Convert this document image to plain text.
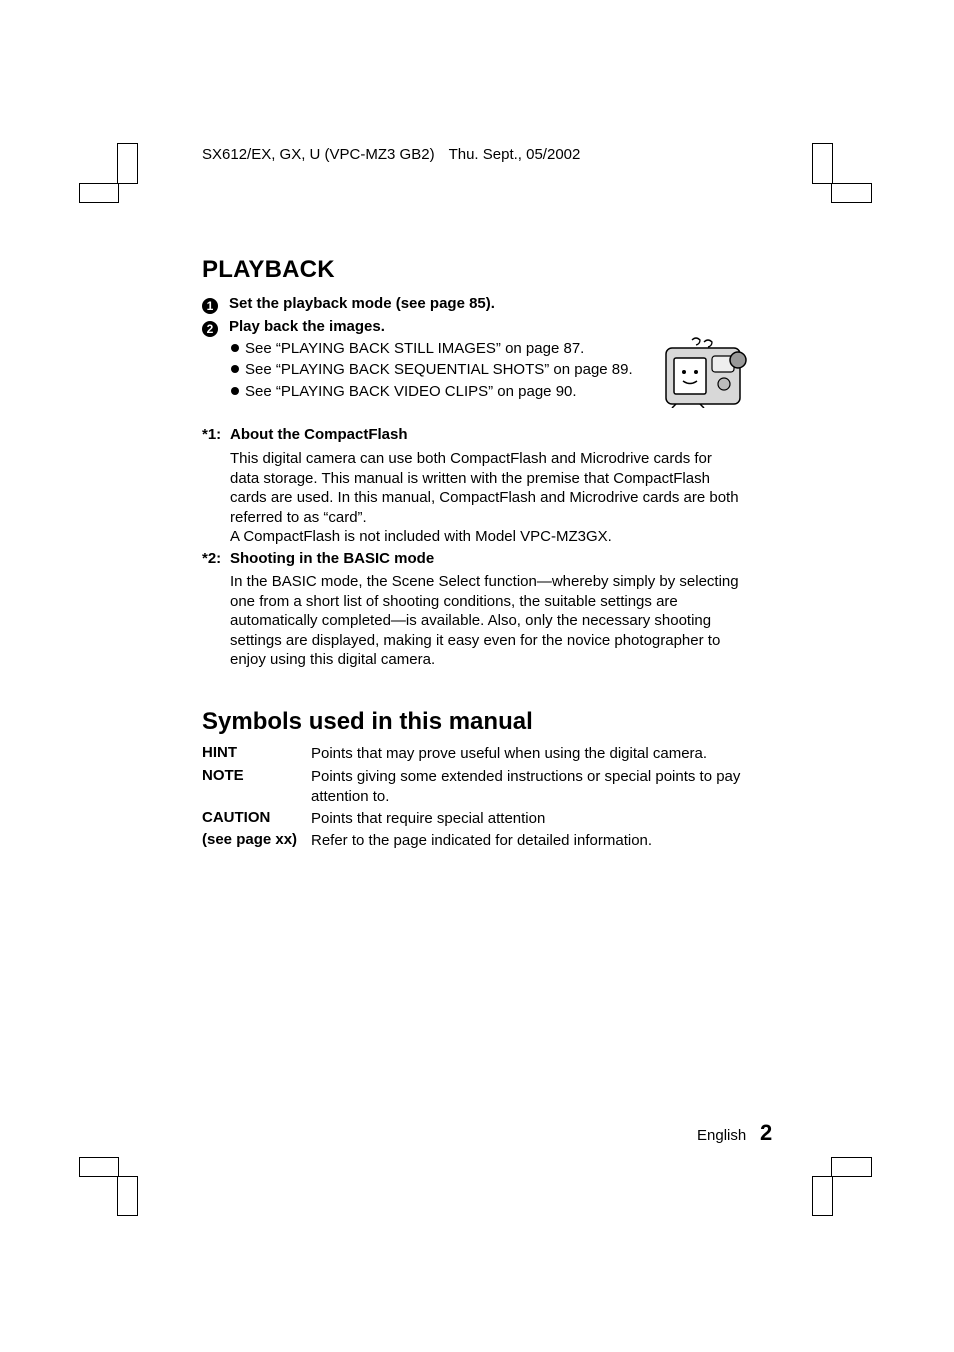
SX612/EX, GX, U (VPC-MZ3 GB2) Thu. Sept., 05/2002
PLAYBACK
1 Set the playback mode (see page 85).
2 Play back the images.
See “PLAYING BACK STILL IMAGES” on page 87.
See “PLAYING BACK SEQUENTIAL SHOTS” on page 89.
See “PLAYING BACK VIDEO CLIPS” on page 90.
*1: About the CompactFlash
This digital camera can use both CompactFlash and Microdrive cards for data storage. This manual is written with the premise that CompactFlash cards are used. In this manual, CompactFlash and Microdrive cards are both referred to as “card”.
A CompactFlash is not included with Model VPC-MZ3GX.
*2: Shooting in the BASIC mode
In the BASIC mode, the Scene Select function—whereby simply by selecting one from a short list of shooting conditions, the suitable settings are automatically completed—is available. Also, only the necessary shooting settings are displayed, making it easy even for the novice photographer to enjoy using this digital camera.
Symbols used in this manual
HINT	Points that may prove useful when using the digital camera.
NOTE	Points giving some extended instructions or special points to pay attention to.
CAUTION	Points that require special attention
(see page xx) Refer to the page indicated for detailed information.
English 2
